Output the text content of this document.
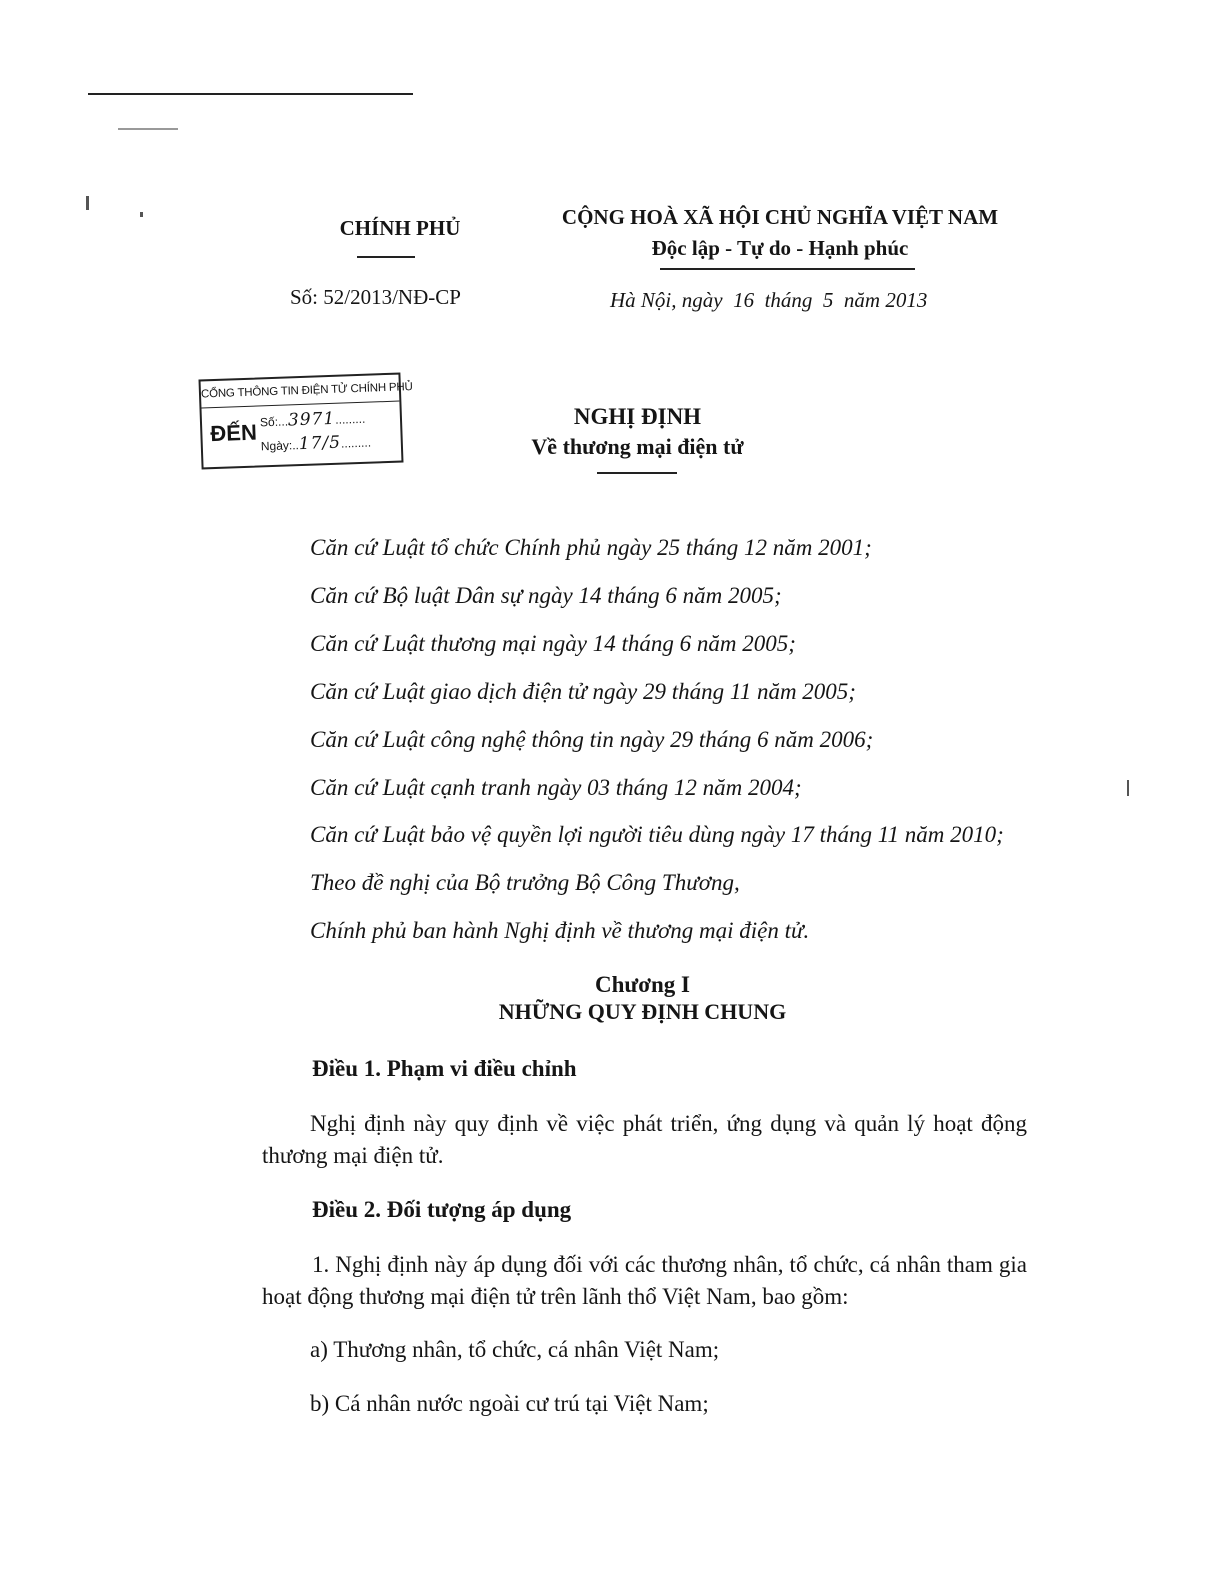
CHÍNH PHỦ
Số: 52/2013/NĐ-CP
CỘNG HOÀ XÃ HỘI CHỦ NGHĨA VIỆT NAM
Độc lập - Tự do - Hạnh phúc
Hà Nội, ngày  16  tháng  5  năm 2013
CỔNG THÔNG TIN ĐIỆN TỬ CHÍNH PHỦ
ĐẾN Số:...3971.........
Ngày:..17/5.........
NGHỊ ĐỊNH
Về thương mại điện tử
Căn cứ Luật tổ chức Chính phủ ngày 25 tháng 12 năm 2001;
Căn cứ Bộ luật Dân sự ngày 14 tháng 6 năm 2005;
Căn cứ Luật thương mại ngày 14 tháng 6 năm 2005;
Căn cứ Luật giao dịch điện tử ngày 29 tháng 11 năm 2005;
Căn cứ Luật công nghệ thông tin ngày 29 tháng 6 năm 2006;
Căn cứ Luật cạnh tranh ngày 03 tháng 12 năm 2004;
Căn cứ Luật bảo vệ quyền lợi người tiêu dùng ngày 17 tháng 11 năm 2010;
Theo đề nghị của Bộ trưởng Bộ Công Thương,
Chính phủ ban hành Nghị định về thương mại điện tử.
Chương I
NHỮNG QUY ĐỊNH CHUNG
Điều 1. Phạm vi điều chỉnh
Nghị định này quy định về việc phát triển, ứng dụng và quản lý hoạt động thương mại điện tử.
Điều 2. Đối tượng áp dụng
1. Nghị định này áp dụng đối với các thương nhân, tổ chức, cá nhân tham gia hoạt động thương mại điện tử trên lãnh thổ Việt Nam, bao gồm:
a) Thương nhân, tổ chức, cá nhân Việt Nam;
b) Cá nhân nước ngoài cư trú tại Việt Nam;
